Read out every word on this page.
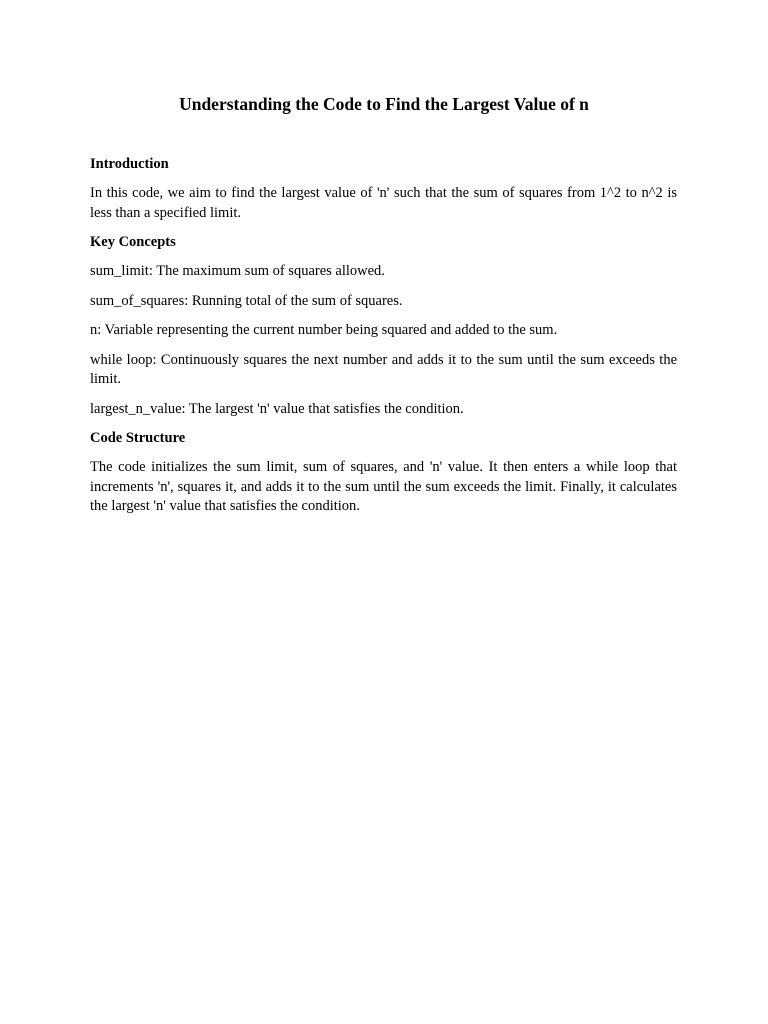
Understanding the Code to Find the Largest Value of n

Introduction

In this code, we aim to find the largest value of 'n' such that the sum of squares from 1^2 to n^2 is less than a specified limit.

Key Concepts

sum_limit: The maximum sum of squares allowed.

sum_of_squares: Running total of the sum of squares.

n: Variable representing the current number being squared and added to the sum.

while loop: Continuously squares the next number and adds it to the sum until the sum exceeds the limit.

largest_n_value: The largest 'n' value that satisfies the condition.

Code Structure

The code initializes the sum limit, sum of squares, and 'n' value. It then enters a while loop that increments 'n', squares it, and adds it to the sum until the sum exceeds the limit. Finally, it calculates the largest 'n' value that satisfies the condition.
